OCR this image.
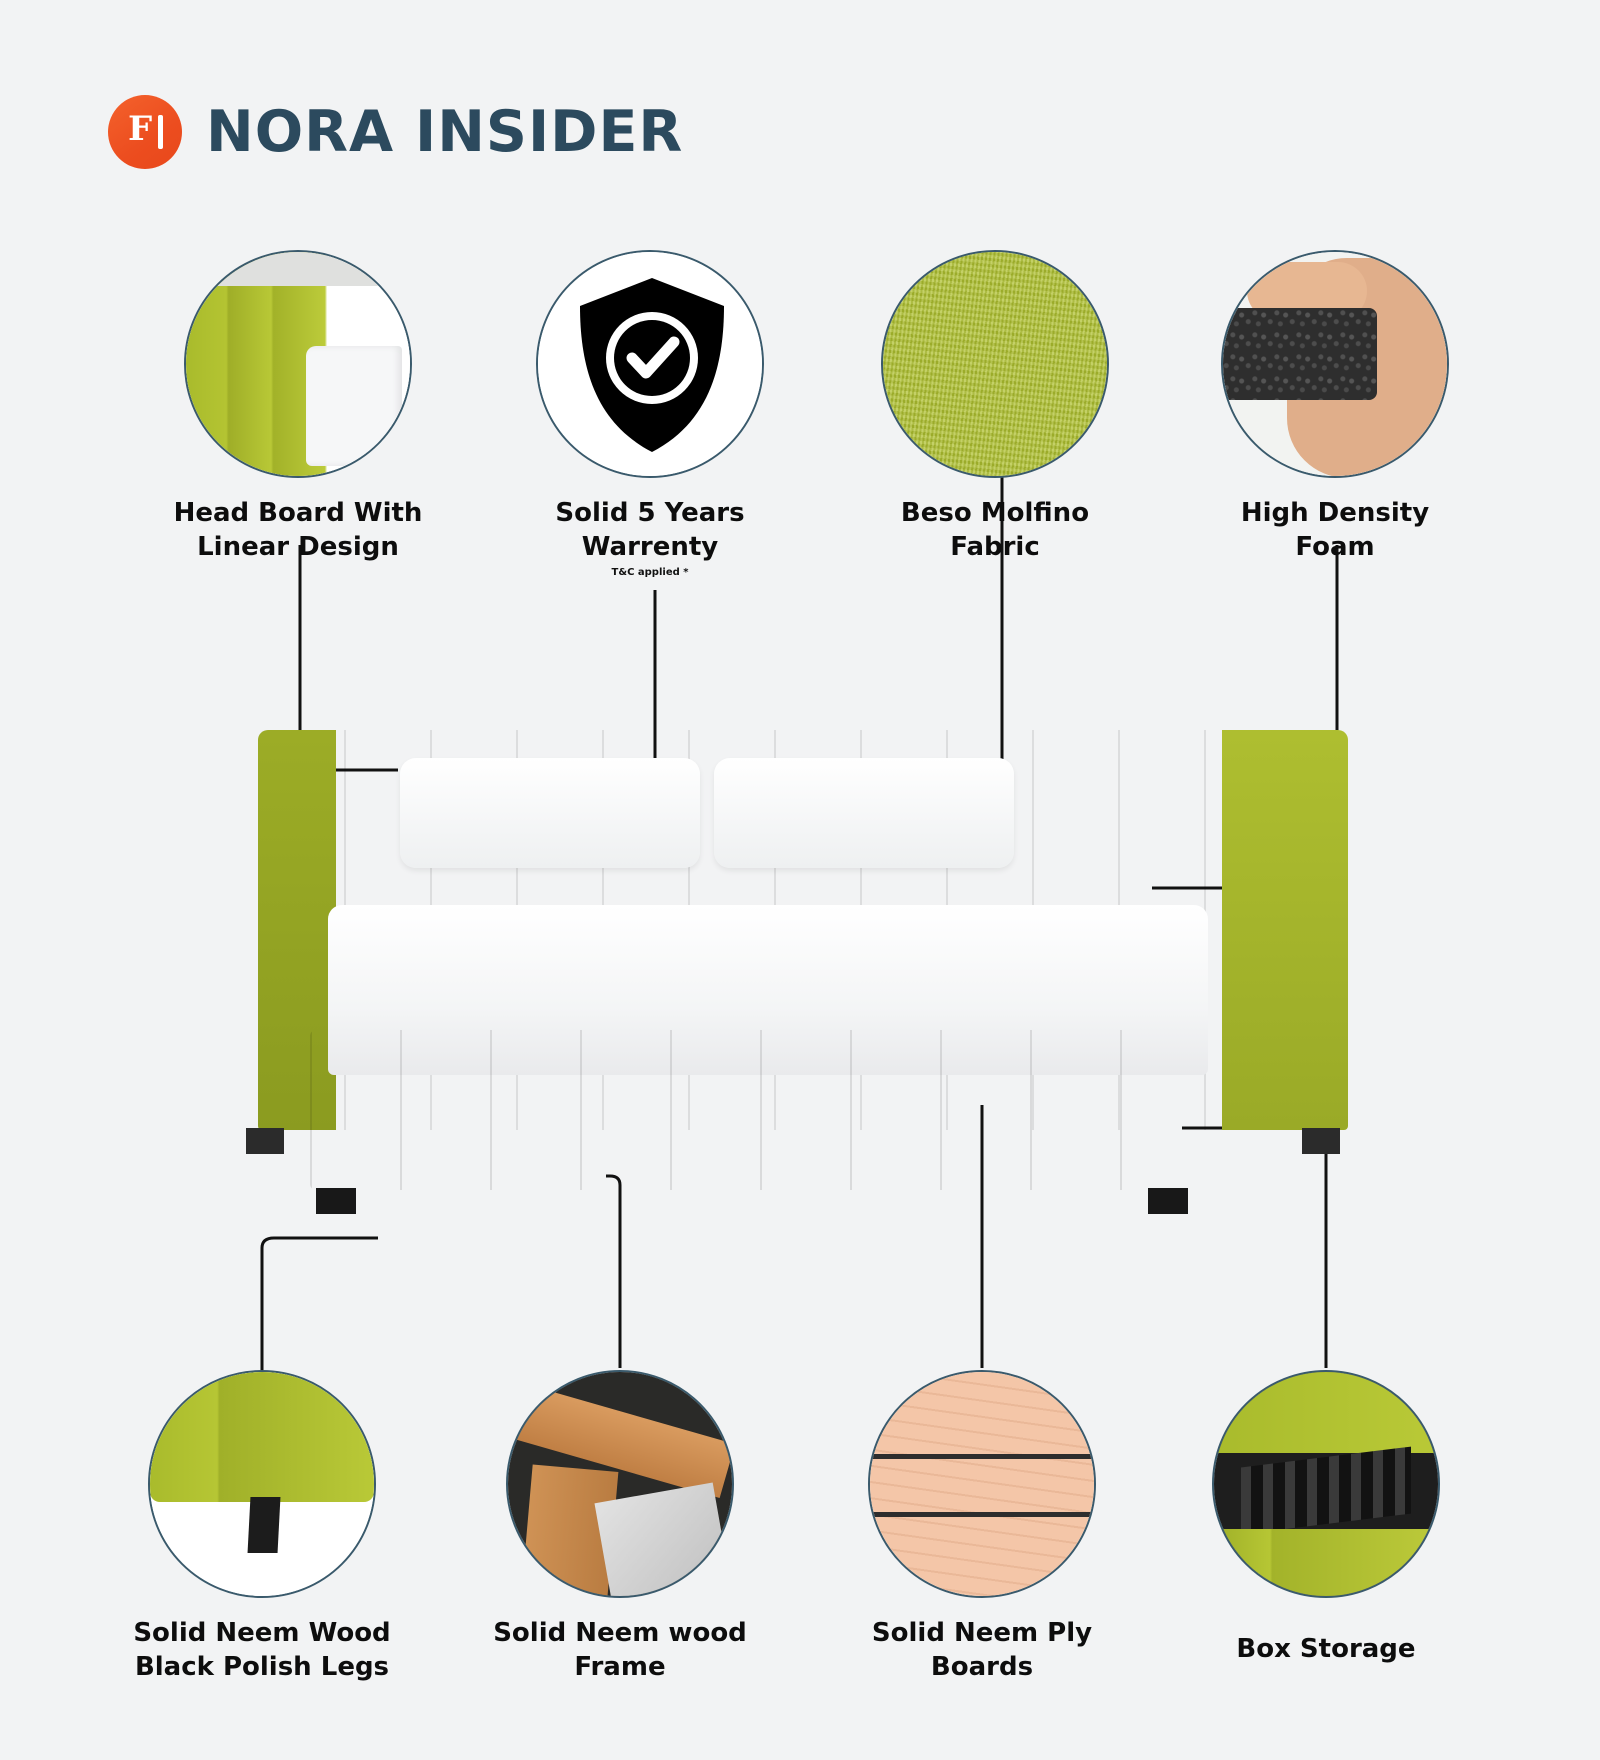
F NORA INSIDER
Head Board With
Linear Design
Solid 5 Years
Warrenty
T&C applied *
Beso Molfino
Fabric
High Density
Foam
Solid Neem Wood
Black Polish Legs
Solid Neem wood
Frame
Solid Neem Ply
Boards
Box Storage
